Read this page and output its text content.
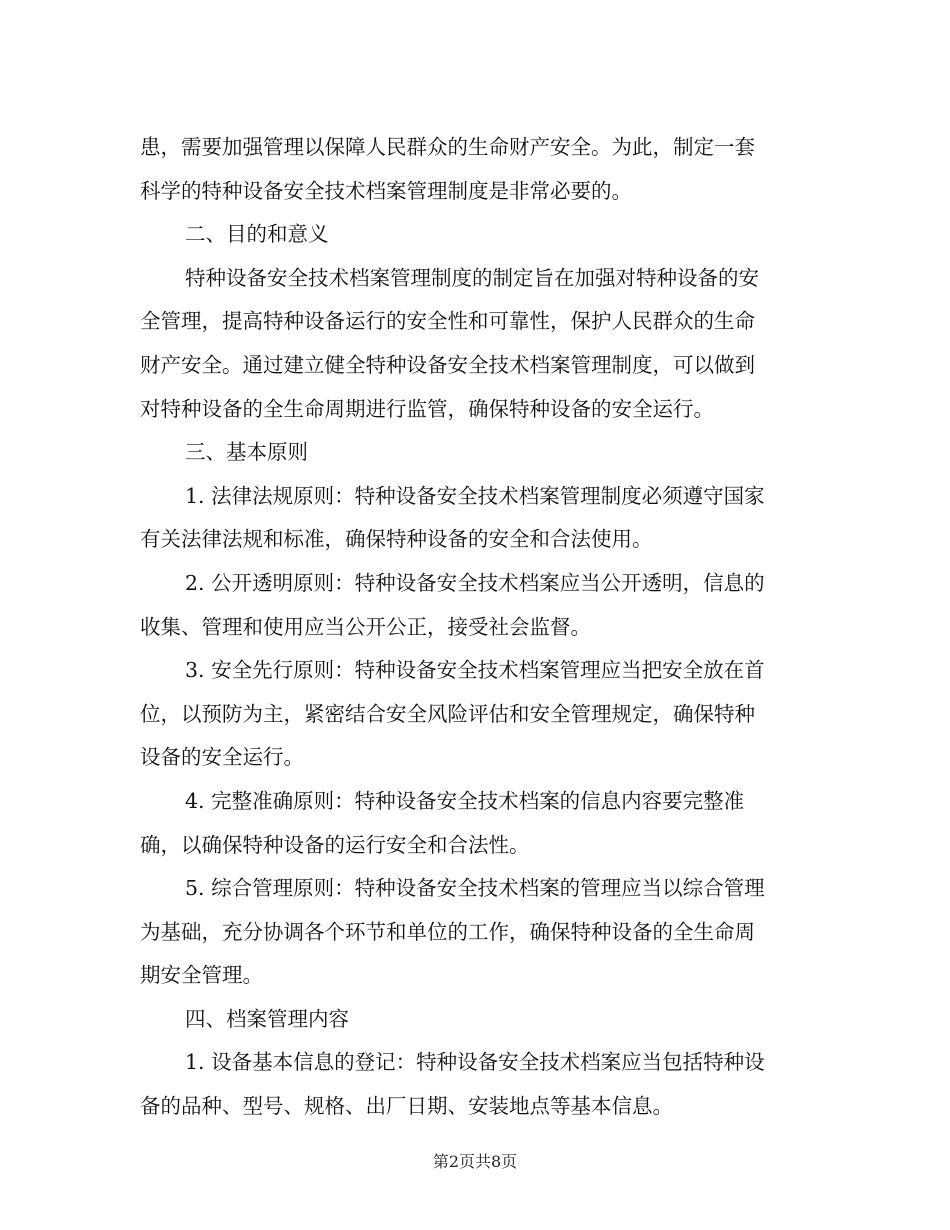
患，需要加强管理以保障人民群众的生命财产安全。为此，制定一套
科学的特种设备安全技术档案管理制度是非常必要的。
二、目的和意义
特种设备安全技术档案管理制度的制定旨在加强对特种设备的安
全管理，提高特种设备运行的安全性和可靠性，保护人民群众的生命
财产安全。通过建立健全特种设备安全技术档案管理制度，可以做到
对特种设备的全生命周期进行监管，确保特种设备的安全运行。
三、基本原则
1. 法律法规原则：特种设备安全技术档案管理制度必须遵守国家
有关法律法规和标准，确保特种设备的安全和合法使用。
2. 公开透明原则：特种设备安全技术档案应当公开透明，信息的
收集、管理和使用应当公开公正，接受社会监督。
3. 安全先行原则：特种设备安全技术档案管理应当把安全放在首
位，以预防为主，紧密结合安全风险评估和安全管理规定，确保特种
设备的安全运行。
4. 完整准确原则：特种设备安全技术档案的信息内容要完整准
确，以确保特种设备的运行安全和合法性。
5. 综合管理原则：特种设备安全技术档案的管理应当以综合管理
为基础，充分协调各个环节和单位的工作，确保特种设备的全生命周
期安全管理。
四、档案管理内容
1. 设备基本信息的登记：特种设备安全技术档案应当包括特种设
备的品种、型号、规格、出厂日期、安装地点等基本信息。
第2页共8页
